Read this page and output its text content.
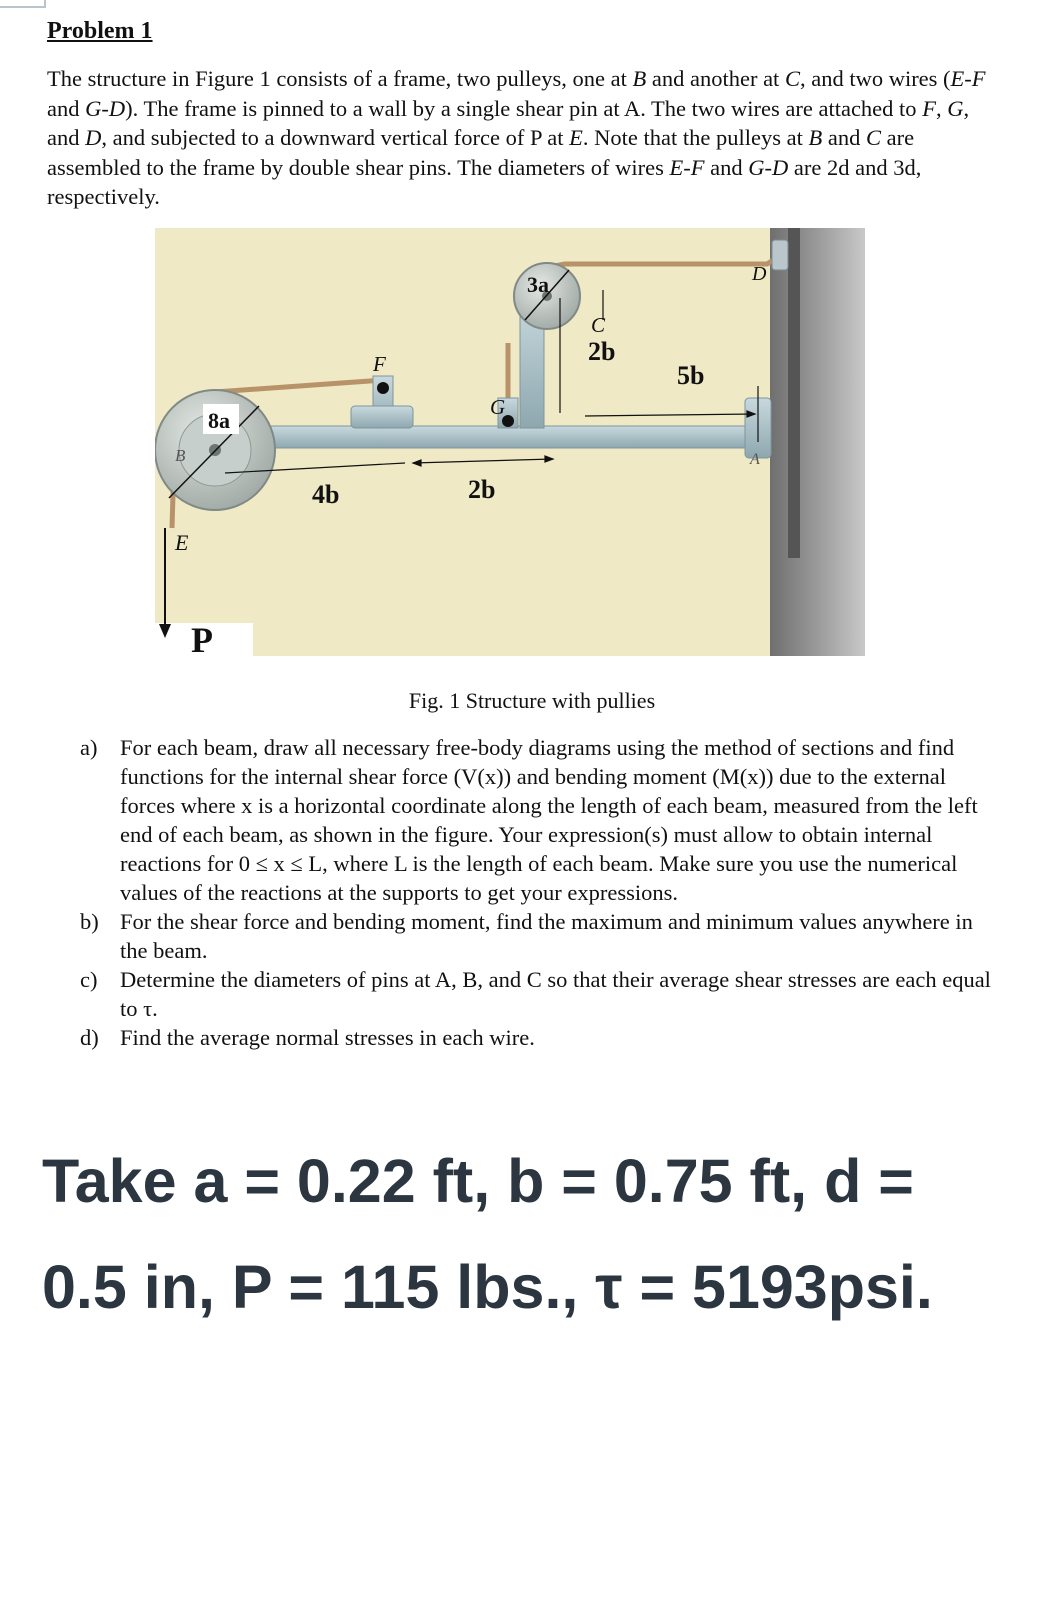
Problem 1
The structure in Figure 1 consists of a frame, two pulleys, one at B and another at C, and two wires (E-F and G-D). The frame is pinned to a wall by a single shear pin at A. The two wires are attached to F, G, and D, and subjected to a downward vertical force of P at E. Note that the pulleys at B and C are assembled to the frame by double shear pins. The diameters of wires E-F and G-D are 2d and 3d, respectively.
3a
C
2b
5b
D
F
G
8a
B	A
4b	2b
E
P
Fig. 1 Structure with pullies
a)	For each beam, draw all necessary free-body diagrams using the method of sections and find functions for the internal shear force (V(x)) and bending moment (M(x)) due to the external forces where x is a horizontal coordinate along the length of each beam, measured from the left end of each beam, as shown in the figure. Your expression(s) must allow to obtain internal reactions for 0 ≤ x ≤ L, where L is the length of each beam. Make sure you use the numerical values of the reactions at the supports to get your expressions.
b) For the shear force and bending moment, find the maximum and minimum values anywhere in the beam.
c)	Determine the diameters of pins at A, B, and C so that their average shear stresses are each equal to τ.
d) Find the average normal stresses in each wire.
Take a = 0.22 ft, b = 0.75 ft, d = 0.5 in, P = 115 lbs., τ = 5193psi.
